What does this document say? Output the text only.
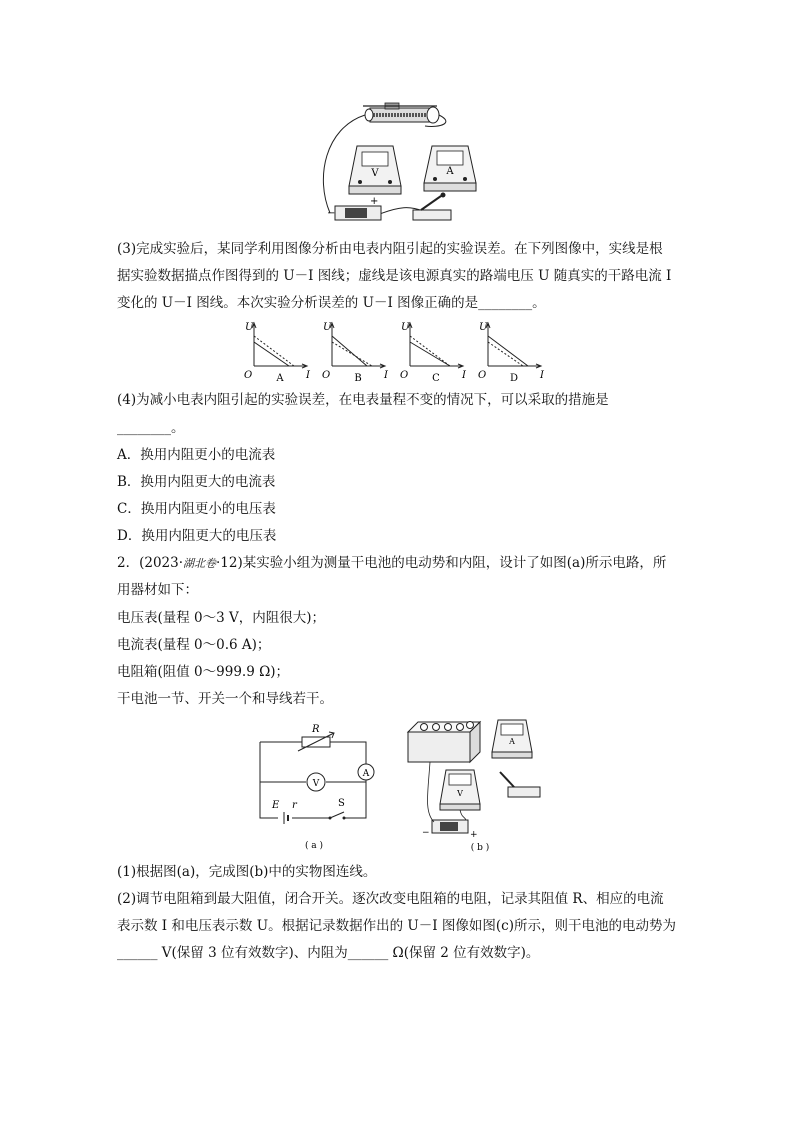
V	A
−
+
(3)完成实验后，某同学利用图像分析由电表内阻引起的实验误差。在下列图像中，实线是根
据实验数据描点作图得到的 U－I 图线；虚线是该电源真实的路端电压 U 随真实的干路电流 I
变化的 U－I 图线。本次实验分析误差的 U－I 图像正确的是________。
U
O	I
A
U
O	I
B
U
O	I
C
U
O	I
D
(4)为减小电表内阻引起的实验误差，在电表量程不变的情况下，可以采取的措施是
________。
A．换用内阻更小的电流表
B．换用内阻更大的电流表
C．换用内阻更小的电压表
D．换用内阻更大的电压表
2．(2023·湖北卷·12)某实验小组为测量干电池的电动势和内阻，设计了如图(a)所示电路，所
用器材如下：
电压表(量程 0～3 V，内阻很大)；
电流表(量程 0～0.6 A)；
电阻箱(阻值 0～999.9 Ω)；
干电池一节、开关一个和导线若干。
R
V
A
E r	S
( a )
A
V
−	+
( b )
(1)根据图(a)，完成图(b)中的实物图连线。
(2)调节电阻箱到最大阻值，闭合开关。逐次改变电阻箱的电阻，记录其阻值 R、相应的电流
表示数 I 和电压表示数 U。根据记录数据作出的 U－I 图像如图(c)所示，则干电池的电动势为
______ V(保留 3 位有效数字)、内阻为______ Ω(保留 2 位有效数字)。
